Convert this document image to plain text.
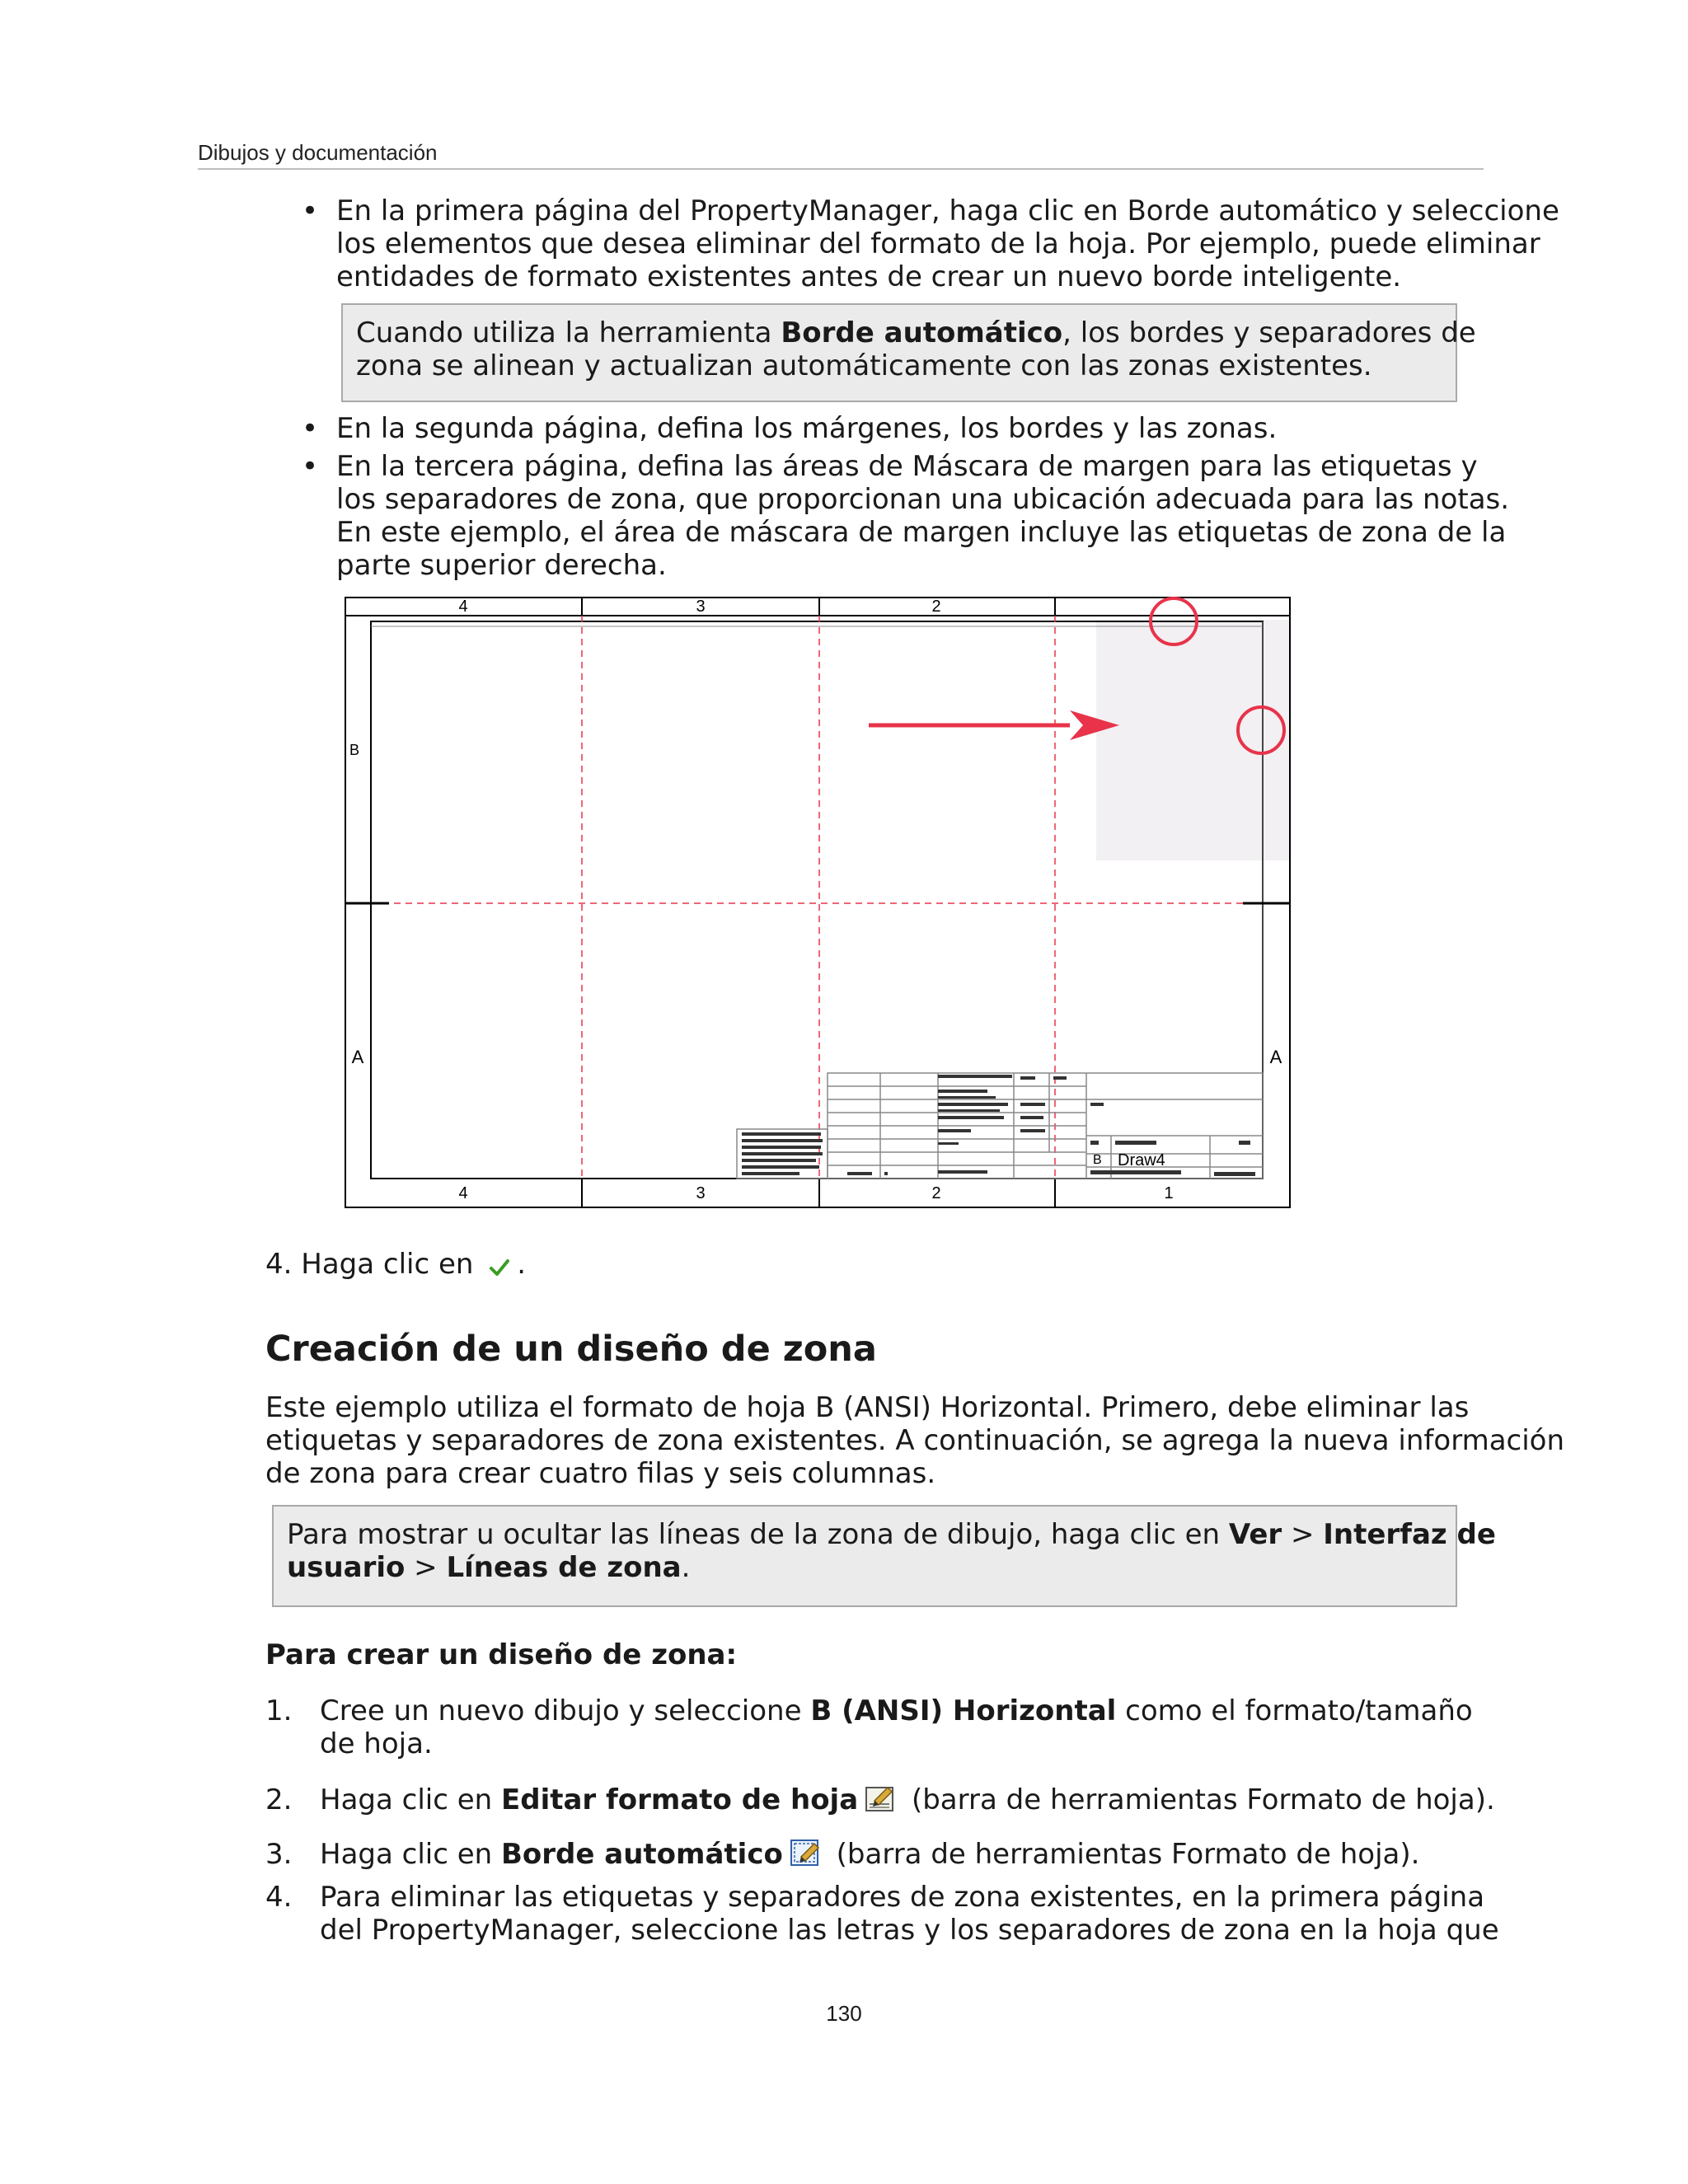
Dibujos y documentación
• En la primera página del PropertyManager, haga clic en Borde automático y seleccione
los elementos que desea eliminar del formato de la hoja. Por ejemplo, puede eliminar
entidades de formato existentes antes de crear un nuevo borde inteligente.
Cuando utiliza la herramienta Borde automático, los bordes y separadores de
zona se alinean y actualizan automáticamente con las zonas existentes.
• En la segunda página, defina los márgenes, los bordes y las zonas.
• En la tercera página, defina las áreas de Máscara de margen para las etiquetas y
los separadores de zona, que proporcionan una ubicación adecuada para las notas.
En este ejemplo, el área de máscara de margen incluye las etiquetas de zona de la
parte superior derecha.
4	3	2
4	3	2	1
B
A	A
B Draw4
4. Haga clic en .
Creación de un diseño de zona
Este ejemplo utiliza el formato de hoja B (ANSI) Horizontal. Primero, debe eliminar las
etiquetas y separadores de zona existentes. A continuación, se agrega la nueva información
de zona para crear cuatro filas y seis columnas.
Para mostrar u ocultar las líneas de la zona de dibujo, haga clic en Ver > Interfaz de
usuario > Líneas de zona.
Para crear un diseño de zona:
1. Cree un nuevo dibujo y seleccione B (ANSI) Horizontal como el formato/tamaño
de hoja.
2. Haga clic en Editar formato de hoja (barra de herramientas Formato de hoja).
3. Haga clic en Borde automático (barra de herramientas Formato de hoja).
4. Para eliminar las etiquetas y separadores de zona existentes, en la primera página
del PropertyManager, seleccione las letras y los separadores de zona en la hoja que
130
